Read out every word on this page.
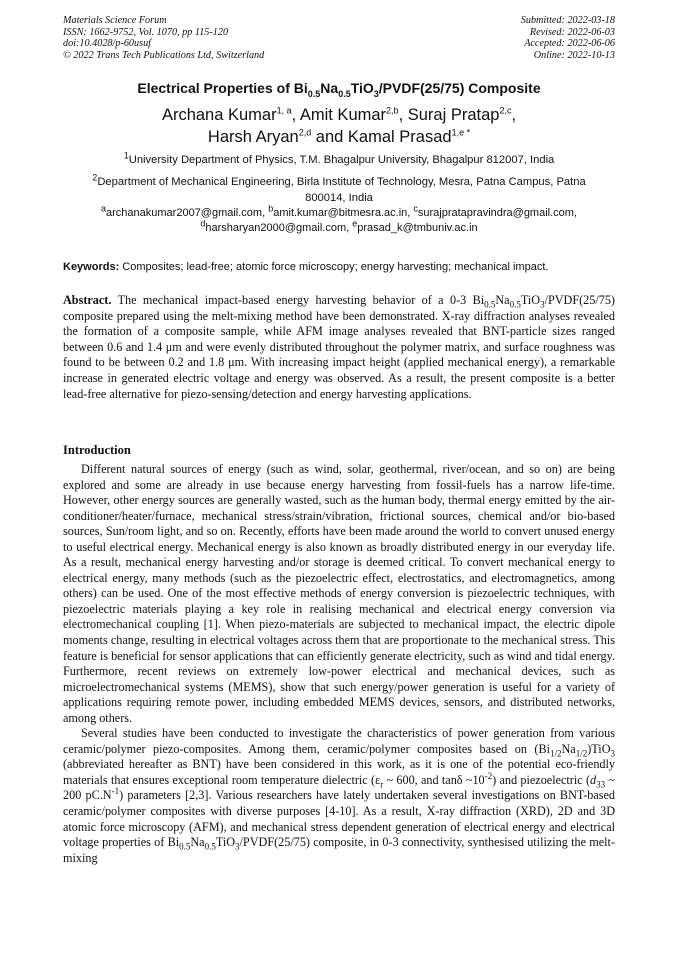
Materials Science Forum
ISSN: 1662-9752, Vol. 1070, pp 115-120
doi:10.4028/p-60usuf
© 2022 Trans Tech Publications Ltd, Switzerland
Submitted: 2022-03-18
Revised: 2022-06-03
Accepted: 2022-06-06
Online: 2022-10-13
Electrical Properties of $Bi_{0.5}Na_{0.5}TiO_3/PVDF(25/75)$ Composite
Archana Kumar$^{1, a}$, Amit Kumar$^{2,b}$, Suraj Pratap$^{2,c}$,
Harsh Aryan$^{2,d}$ and Kamal Prasad$^{1,e *}$
$^1$University Department of Physics, T.M. Bhagalpur University, Bhagalpur 812007, India
$^2$Department of Mechanical Engineering, Birla Institute of Technology, Mesra, Patna Campus, Patna 800014, India
$^a$archanakumar2007@gmail.com, $^b$amit.kumar@bitmesra.ac.in, $^c$surajpratapravindra@gmail.com,
$^d$harsharyan2000@gmail.com, $^e$prasad_k@tmbuniv.ac.in
Keywords: Composites; lead-free; atomic force microscopy; energy harvesting; mechanical impact.

Abstract. The mechanical impact-based energy harvesting behavior of a 0-3 $Bi_{0.5}Na_{0.5}TiO_3/PVDF(25/75)$ composite prepared using the melt-mixing method have been demonstrated. X-ray diffraction analyses revealed the formation of a composite sample, while AFM image analyses revealed that BNT-particle sizes ranged between 0.6 and 1.4 μm and were evenly distributed throughout the polymer matrix, and surface roughness was found to be between 0.2 and 1.8 μm. With increasing impact height (applied mechanical energy), a remarkable increase in generated electric voltage and energy was observed. As a result, the present composite is a better lead-free alternative for piezo-sensing/detection and energy harvesting applications.

Introduction

Different natural sources of energy (such as wind, solar, geothermal, river/ocean, and so on) are being explored and some are already in use because energy harvesting from fossil-fuels has a narrow life-time. However, other energy sources are generally wasted, such as the human body, thermal energy emitted by the air-conditioner/heater/furnace, mechanical stress/strain/vibration, frictional sources, chemical and/or bio-based sources, Sun/room light, and so on. Recently, efforts have been made around the world to convert unused energy to useful electrical energy. Mechanical energy is also known as broadly distributed energy in our everyday life. As a result, mechanical energy harvesting and/or storage is deemed critical. To convert mechanical energy to electrical energy, many methods (such as the piezoelectric effect, electrostatics, and electromagnetics, among others) can be used. One of the most effective methods of energy conversion is piezoelectric techniques, with piezoelectric materials playing a key role in realising mechanical and electrical energy conversion via electromechanical coupling [1]. When piezo-materials are subjected to mechanical impact, the electric dipole moments change, resulting in electrical voltages across them that are proportionate to the mechanical stress. This feature is beneficial for sensor applications that can efficiently generate electricity, such as wind and tidal energy. Furthermore, recent reviews on extremely low-power electrical and mechanical devices, such as microelectromechanical systems (MEMS), show that such energy/power generation is useful for a variety of applications requiring remote power, including embedded MEMS devices, sensors, and distributed networks, among others.

Several studies have been conducted to investigate the characteristics of power generation from various ceramic/polymer piezo-composites. Among them, ceramic/polymer composites based on $(Bi_{1/2}Na_{1/2})TiO_3$ (abbreviated hereafter as BNT) have been considered in this work, as it is one of the potential eco-friendly materials that ensures exceptional room temperature dielectric ($\varepsilon_r$ ~ 600, and tanδ $\sim 10^{-2}$) and piezoelectric ($d_{33}$ ~ 200 $pC.N^{-1}$) parameters [2,3]. Various researchers have lately undertaken several investigations on BNT-based ceramic/polymer composites with diverse purposes [4-10]. As a result, X-ray diffraction (XRD), 2D and 3D atomic force microscopy (AFM), and mechanical stress dependent generation of electrical energy and electrical voltage properties of $Bi_{0.5}Na_{0.5}TiO_3/PVDF(25/75)$ composite, in 0-3 connectivity, synthesised utilizing the melt-mixing
